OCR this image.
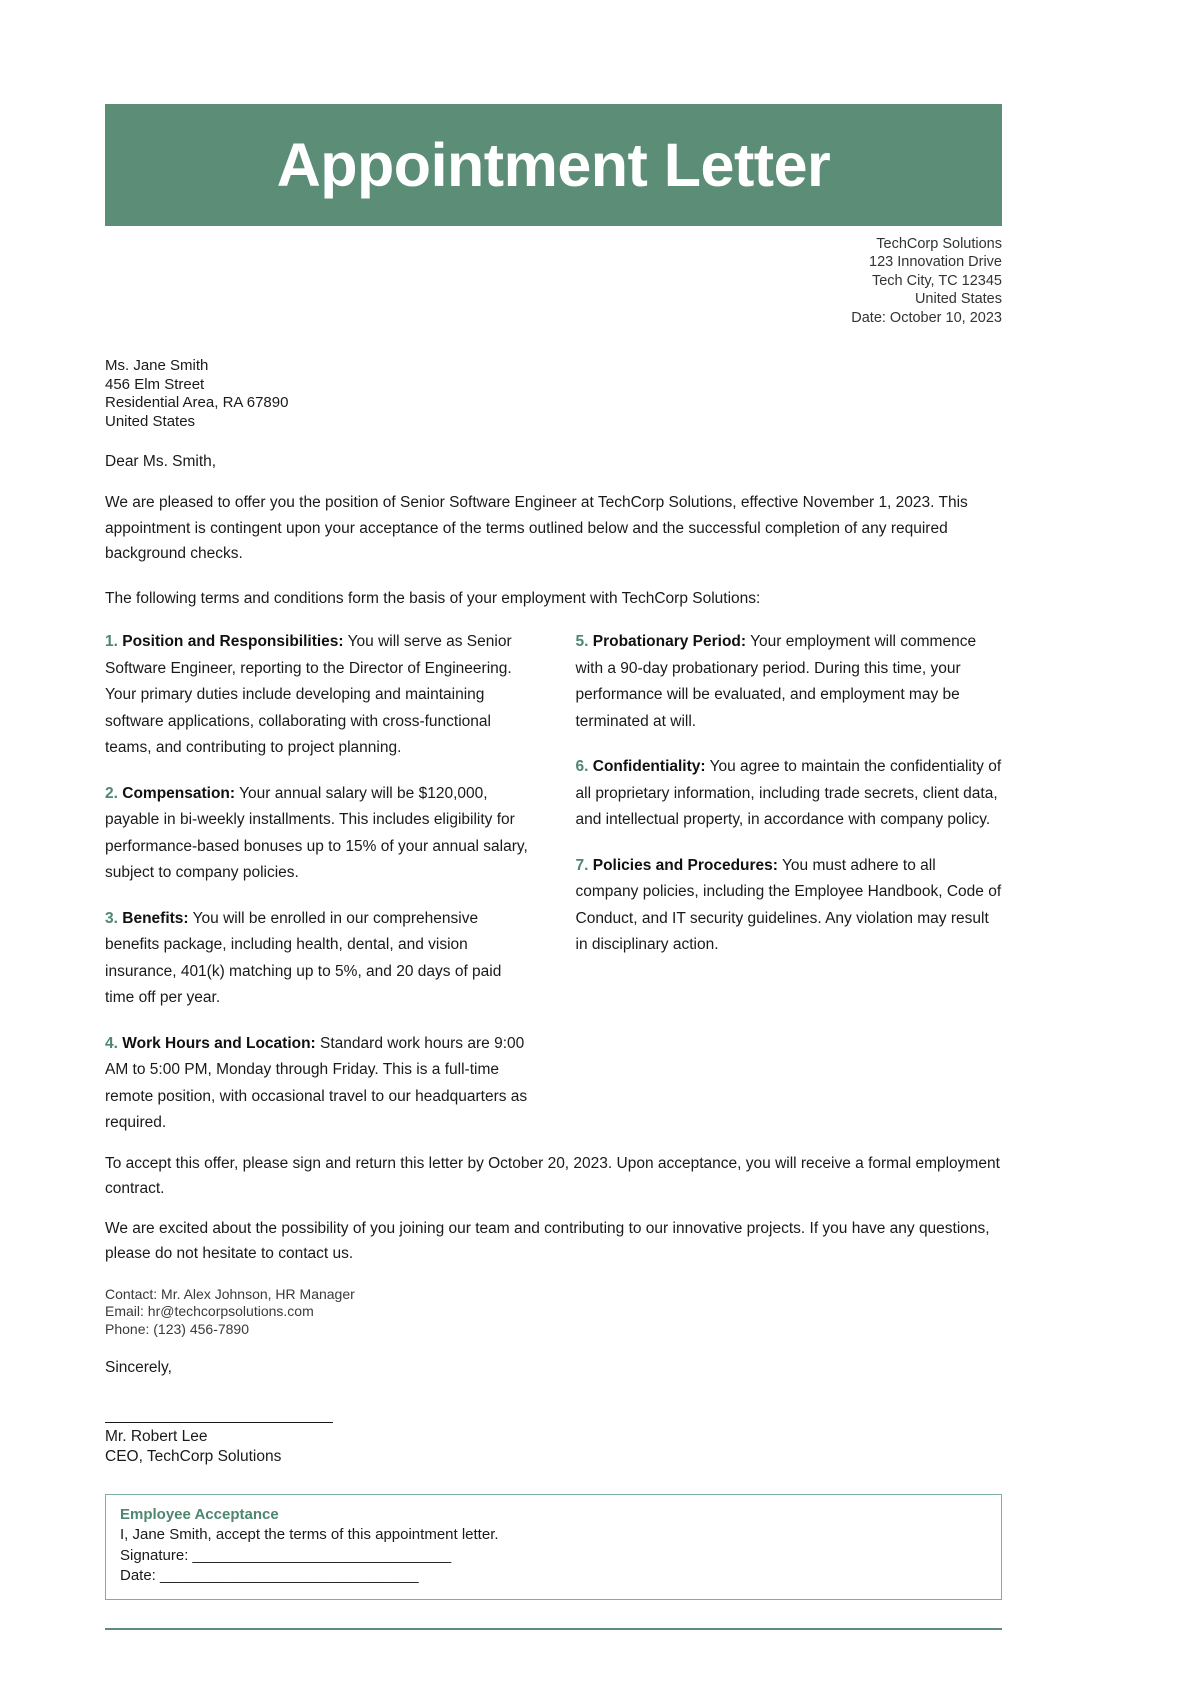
Appointment Letter
TechCorp Solutions
123 Innovation Drive
Tech City, TC 12345
United States
Date: October 10, 2023
Ms. Jane Smith
456 Elm Street
Residential Area, RA 67890
United States
Dear Ms. Smith,
We are pleased to offer you the position of Senior Software Engineer at TechCorp Solutions, effective November 1, 2023. This appointment is contingent upon your acceptance of the terms outlined below and the successful completion of any required background checks.
The following terms and conditions form the basis of your employment with TechCorp Solutions:
1. Position and Responsibilities: You will serve as Senior Software Engineer, reporting to the Director of Engineering. Your primary duties include developing and maintaining software applications, collaborating with cross-functional teams, and contributing to project planning.
2. Compensation: Your annual salary will be $120,000, payable in bi-weekly installments. This includes eligibility for performance-based bonuses up to 15% of your annual salary, subject to company policies.
3. Benefits: You will be enrolled in our comprehensive benefits package, including health, dental, and vision insurance, 401(k) matching up to 5%, and 20 days of paid time off per year.
4. Work Hours and Location: Standard work hours are 9:00 AM to 5:00 PM, Monday through Friday. This is a full-time remote position, with occasional travel to our headquarters as required.
5. Probationary Period: Your employment will commence with a 90-day probationary period. During this time, your performance will be evaluated, and employment may be terminated at will.
6. Confidentiality: You agree to maintain the confidentiality of all proprietary information, including trade secrets, client data, and intellectual property, in accordance with company policy.
7. Policies and Procedures: You must adhere to all company policies, including the Employee Handbook, Code of Conduct, and IT security guidelines. Any violation may result in disciplinary action.
To accept this offer, please sign and return this letter by October 20, 2023. Upon acceptance, you will receive a formal employment contract.
We are excited about the possibility of you joining our team and contributing to our innovative projects. If you have any questions, please do not hesitate to contact us.
Contact: Mr. Alex Johnson, HR Manager
Email: hr@techcorpsolutions.com
Phone: (123) 456-7890
Sincerely,
Mr. Robert Lee
CEO, TechCorp Solutions
Employee Acceptance
I, Jane Smith, accept the terms of this appointment letter.
Signature: _______________________________
Date: _______________________________
